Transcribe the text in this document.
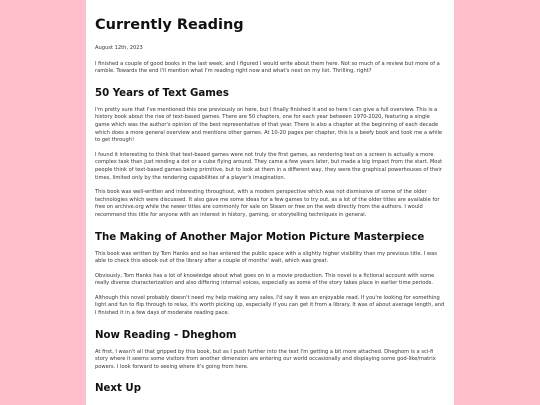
Currently Reading

August 12th, 2023

I finished a couple of good books in the last week, and I figured I would write about them here. Not so much of a review but more of a ramble. Towards the end I'll mention what I'm reading right now and what's next on my list. Thrilling, right?

50 Years of Text Games

I'm pretty sure that I've mentioned this one previously on here, but I finally finished it and so here I can give a full overview. This is a history book about the rise of text-based games. There are 50 chapters, one for each year between 1970-2020, featuring a single game which was the author's opinion of the best representative of that year. There is also a chapter at the beginning of each decade which does a more general overview and mentions other games. At 10-20 pages per chapter, this is a beefy book and took me a while to get through!

I found it interesting to think that text-based games were not truly the first games, as rendering text on a screen is actually a more complex task than just rending a dot or a cube flying around. They came a few years later, but made a big impact from the start. Most people think of text-based games being primitive, but to look at them in a different way, they were the graphical powerhouses of their times, limited only by the rendering capabilities of a player's imagination.

This book was well-written and interesting throughout, with a modern perspective which was not dismissive of some of the older technologies which were discussed. It also gave me some ideas for a few games to try out, as a lot of the older titles are available for free on archive.org while the newer titles are commonly for sale on Steam or free on the web directly from the authors. I would recommend this title for anyone with an interest in history, gaming, or storytelling techniques in general.

The Making of Another Major Motion Picture Masterpiece

This book was written by Tom Hanks and so has entered the public space with a slightly higher visibility than my previous title. I was able to check this ebook out of the library after a couple of months' wait, which was great.

Obviously, Tom Hanks has a lot of knowledge about what goes on in a movie production. This novel is a fictional account with some really diverse characterization and also differing internal voices, especially as some of the story takes place in earlier time periods.

Although this novel probably doesn't need my help making any sales, I'd say it was an enjoyable read. If you're looking for something light and fun to flip through to relax, it's worth picking up, especially if you can get it from a library. It was of about average length, and I finished it in a few days of moderate reading pace.

Now Reading - Dheghom

At first, I wasn't all that gripped by this book, but as I push further into the text I'm getting a bit more attached. Dheghom is a sci-fi story where it seems some visitors from another dimension are entering our world occasionally and displaying some god-like/matrix powers. I look forward to seeing where it's going from here.

Next Up
